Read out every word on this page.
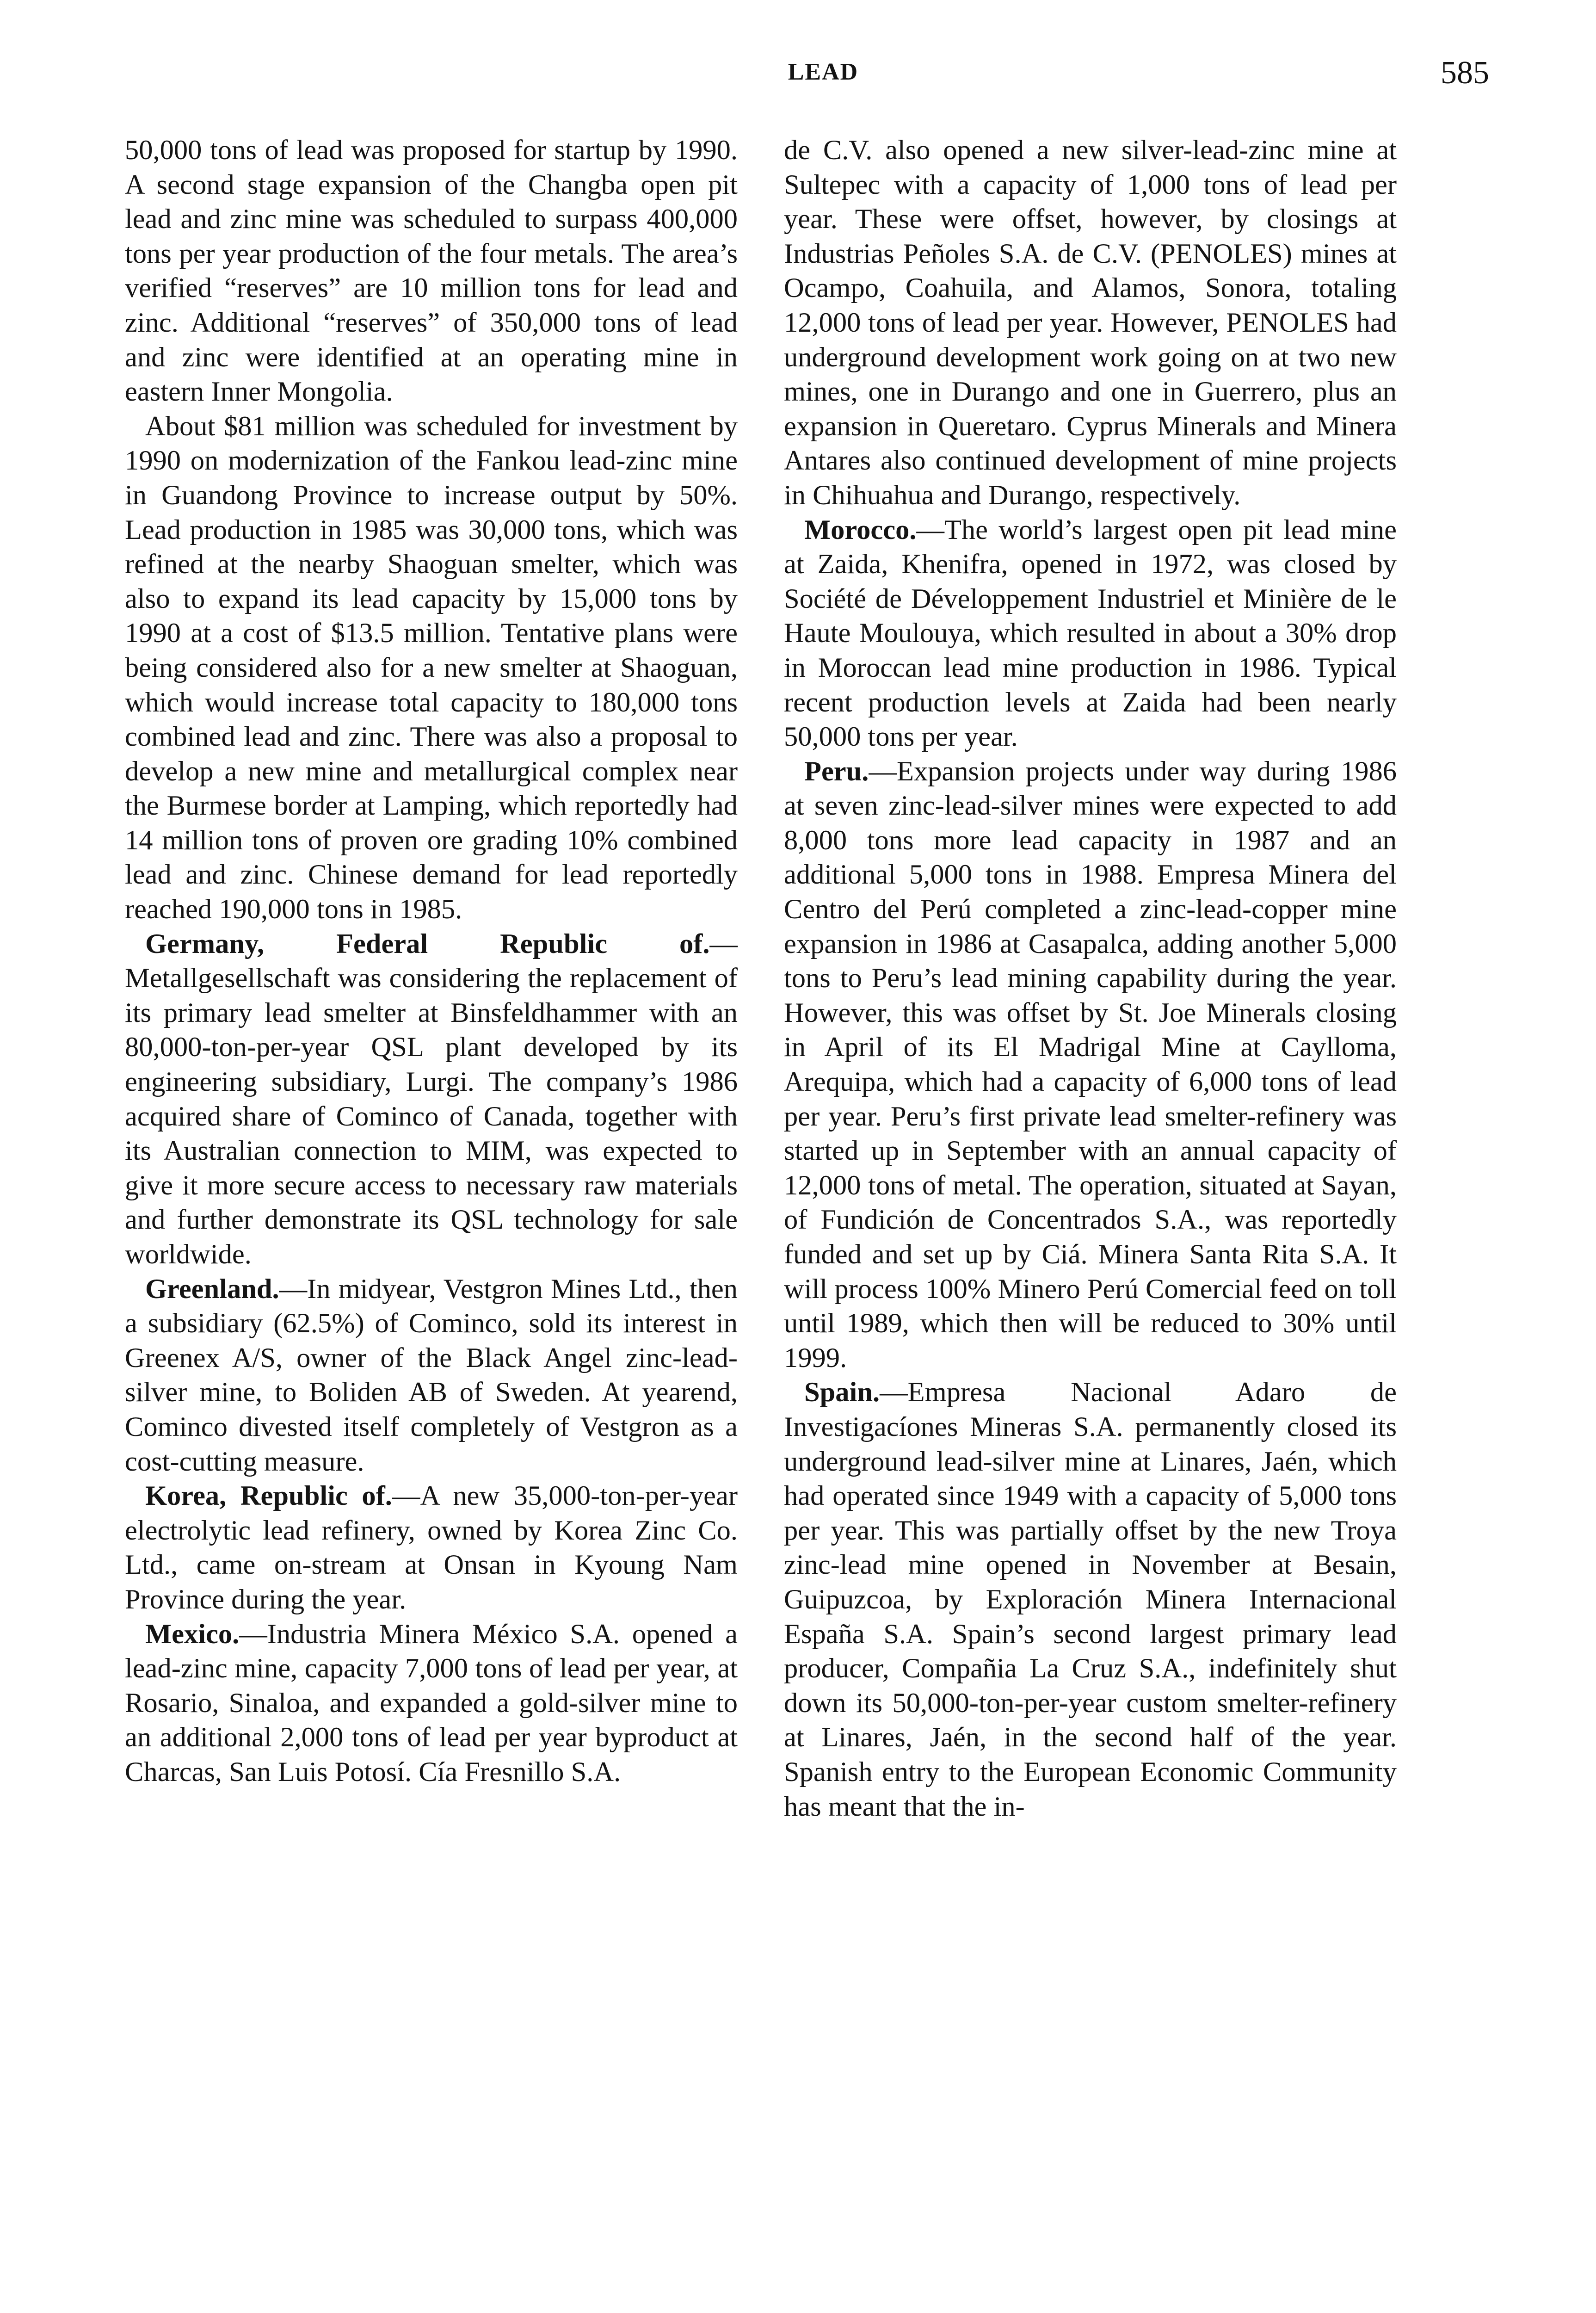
LEAD	585

50,000 tons of lead was proposed for startup by 1990. A second stage expansion of the Changba open pit lead and zinc mine was scheduled to surpass 400,000 tons per year production of the four metals. The area’s verified “reserves” are 10 million tons for lead and zinc. Additional “reserves” of 350,000 tons of lead and zinc were identified at an operating mine in eastern Inner Mongolia.

About $81 million was scheduled for investment by 1990 on modernization of the Fankou lead-zinc mine in Guandong Province to increase output by 50%. Lead production in 1985 was 30,000 tons, which was refined at the nearby Shaoguan smelter, which was also to expand its lead capacity by 15,000 tons by 1990 at a cost of $13.5 million. Tentative plans were being considered also for a new smelter at Shaoguan, which would increase total capacity to 180,000 tons combined lead and zinc. There was also a proposal to develop a new mine and metallurgical complex near the Burmese border at Lamping, which reportedly had 14 million tons of proven ore grading 10% combined lead and zinc. Chinese demand for lead reportedly reached 190,000 tons in 1985.

Germany, Federal Republic of.—Metallgesellschaft was considering the replacement of its primary lead smelter at Binsfeldhammer with an 80,000-ton-per-year QSL plant developed by its engineering subsidiary, Lurgi. The company’s 1986 acquired share of Cominco of Canada, together with its Australian connection to MIM, was expected to give it more secure access to necessary raw materials and further demonstrate its QSL technology for sale worldwide.

Greenland.—In midyear, Vestgron Mines Ltd., then a subsidiary (62.5%) of Cominco, sold its interest in Greenex A/S, owner of the Black Angel zinc-lead-silver mine, to Boliden AB of Sweden. At yearend, Cominco divested itself completely of Vestgron as a cost-cutting measure.

Korea, Republic of.—A new 35,000-ton-per-year electrolytic lead refinery, owned by Korea Zinc Co. Ltd., came on-stream at Onsan in Kyoung Nam Province during the year.

Mexico.—Industria Minera México S.A. opened a lead-zinc mine, capacity 7,000 tons of lead per year, at Rosario, Sinaloa, and expanded a gold-silver mine to an additional 2,000 tons of lead per year byproduct at Charcas, San Luis Potosí. Cía Fresnillo S.A.

de C.V. also opened a new silver-lead-zinc mine at Sultepec with a capacity of 1,000 tons of lead per year. These were offset, however, by closings at Industrias Peñoles S.A. de C.V. (PENOLES) mines at Ocampo, Coahuila, and Alamos, Sonora, totaling 12,000 tons of lead per year. However, PENOLES had underground development work going on at two new mines, one in Durango and one in Guerrero, plus an expansion in Queretaro. Cyprus Minerals and Minera Antares also continued development of mine projects in Chihuahua and Durango, respectively.

Morocco.—The world’s largest open pit lead mine at Zaida, Khenifra, opened in 1972, was closed by Société de Développement Industriel et Minière de le Haute Moulouya, which resulted in about a 30% drop in Moroccan lead mine production in 1986. Typical recent production levels at Zaida had been nearly 50,000 tons per year.

Peru.—Expansion projects under way during 1986 at seven zinc-lead-silver mines were expected to add 8,000 tons more lead capacity in 1987 and an additional 5,000 tons in 1988. Empresa Minera del Centro del Perú completed a zinc-lead-copper mine expansion in 1986 at Casapalca, adding another 5,000 tons to Peru’s lead mining capability during the year. However, this was offset by St. Joe Minerals closing in April of its El Madrigal Mine at Caylloma, Arequipa, which had a capacity of 6,000 tons of lead per year. Peru’s first private lead smelter-refinery was started up in September with an annual capacity of 12,000 tons of metal. The operation, situated at Sayan, of Fundición de Concentrados S.A., was reportedly funded and set up by Ciá. Minera Santa Rita S.A. It will process 100% Minero Perú Comercial feed on toll until 1989, which then will be reduced to 30% until 1999.

Spain.—Empresa Nacional Adaro de Investigacíones Mineras S.A. permanently closed its underground lead-silver mine at Linares, Jaén, which had operated since 1949 with a capacity of 5,000 tons per year. This was partially offset by the new Troya zinc-lead mine opened in November at Besain, Guipuzcoa, by Exploración Minera Internacional España S.A. Spain’s second largest primary lead producer, Compañia La Cruz S.A., indefinitely shut down its 50,000-ton-per-year custom smelter-refinery at Linares, Jaén, in the second half of the year. Spanish entry to the European Economic Community has meant that the in-
